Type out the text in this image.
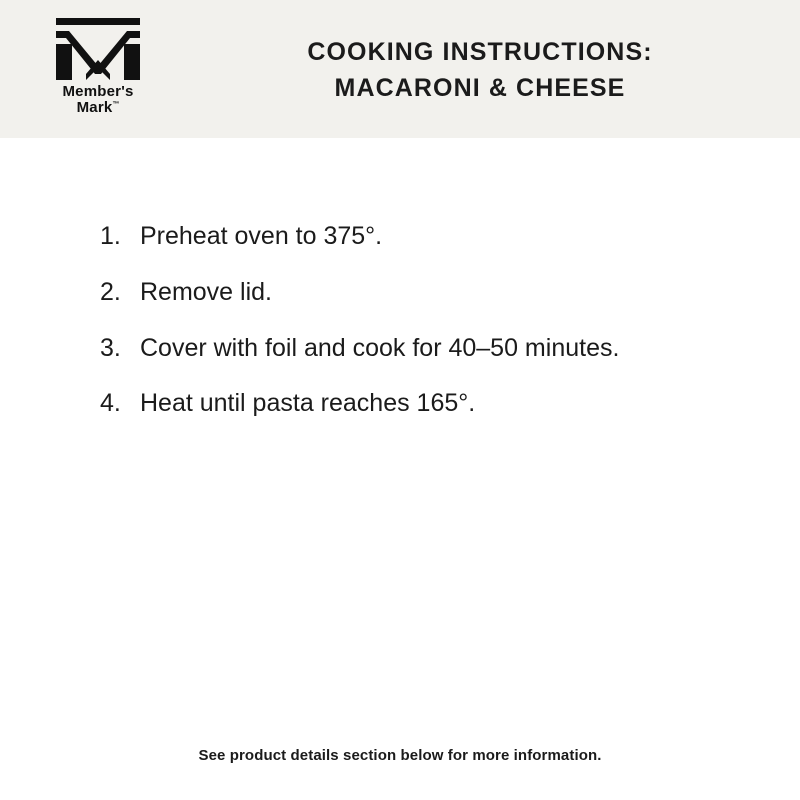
Member's
Mark™
COOKING INSTRUCTIONS:
MACARONI & CHEESE
1. Preheat oven to 375°.
2. Remove lid.
3. Cover with foil and cook for 40–50 minutes.
4. Heat until pasta reaches 165°.
See product details section below for more information.
